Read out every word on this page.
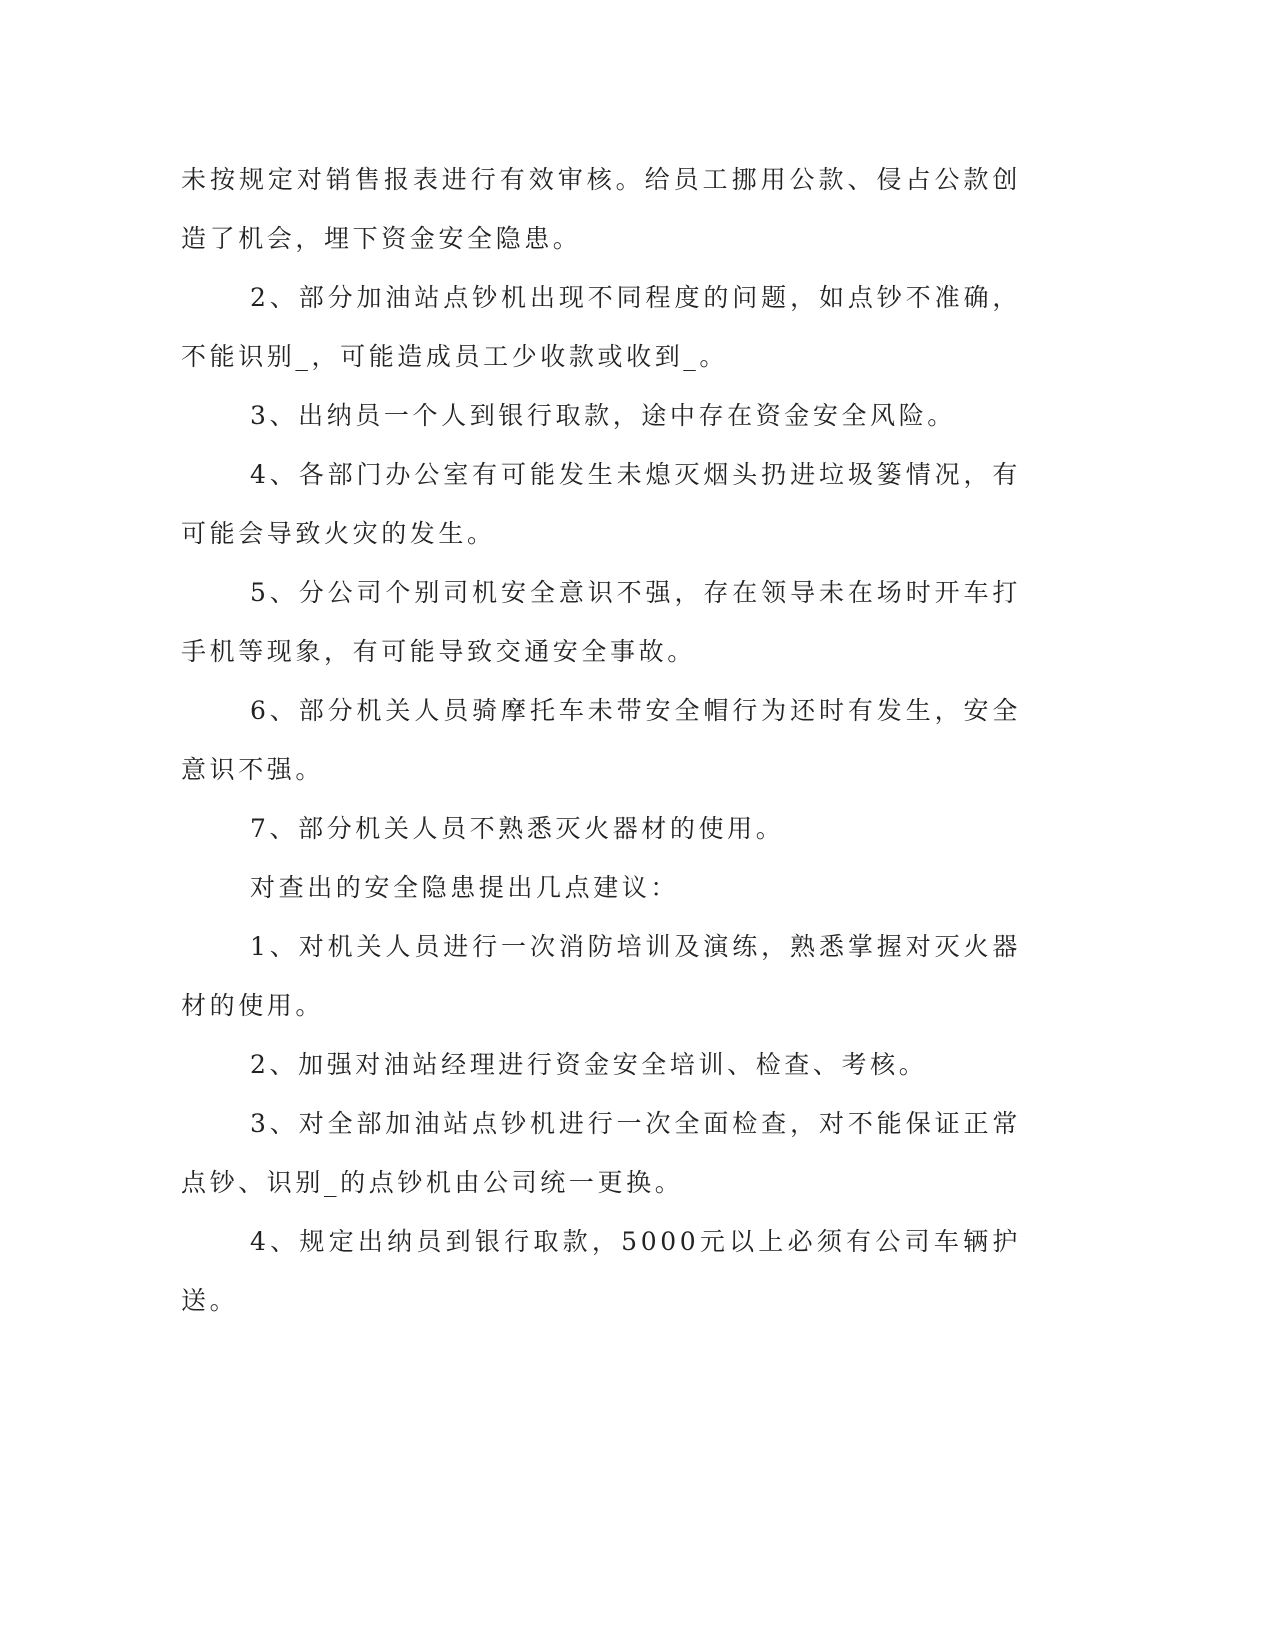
未按规定对销售报表进行有效审核。给员工挪用公款、侵占公款创造了机会，埋下资金安全隐患。

2、部分加油站点钞机出现不同程度的问题，如点钞不准确，不能识别_，可能造成员工少收款或收到_。

3、出纳员一个人到银行取款，途中存在资金安全风险。

4、各部门办公室有可能发生未熄灭烟头扔进垃圾篓情况，有可能会导致火灾的发生。

5、分公司个别司机安全意识不强，存在领导未在场时开车打手机等现象，有可能导致交通安全事故。

6、部分机关人员骑摩托车未带安全帽行为还时有发生，安全意识不强。

7、部分机关人员不熟悉灭火器材的使用。

对查出的安全隐患提出几点建议：

1、对机关人员进行一次消防培训及演练，熟悉掌握对灭火器材的使用。

2、加强对油站经理进行资金安全培训、检查、考核。

3、对全部加油站点钞机进行一次全面检查，对不能保证正常点钞、识别_的点钞机由公司统一更换。

4、规定出纳员到银行取款，5000元以上必须有公司车辆护送。
